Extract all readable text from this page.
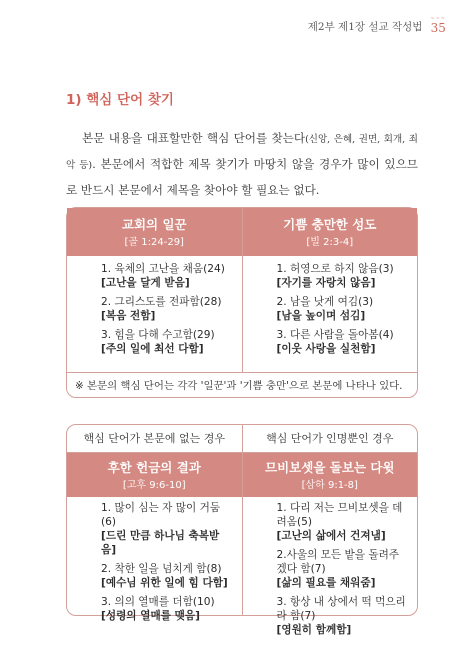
제2부 제1장 설교 작성법
~~~
35
1) 핵심 단어 찾기

본문 내용을 대표할만한 핵심 단어를 찾는다(신앙, 은혜, 권면, 회개, 죄악 등). 본문에서 적합한 제목 찾기가 마땅치 않을 경우가 많이 있으므로 반드시 본문에서 제목을 찾아야 할 필요는 없다.

교회의 일꾼
[골 1:24-29]
기쁨 충만한 성도
[빌 2:3-4]
1. 육체의 고난을 채움(24)
[고난을 달게 받음]
2. 그리스도를 전파함(28)
[복음 전함]
3. 힘을 다해 수고함(29)
[주의 일에 최선 다함]
1. 허영으로 하지 않음(3)
[자기를 자랑치 않음]
2. 남을 낫게 여김(3)
[남을 높이며 섬김]
3. 다른 사람을 돌아봄(4)
[이웃 사랑을 실천함]
※ 본문의 핵심 단어는 각각 '일꾼'과 '기쁨 충만'으로 본문에 나타나 있다.
핵심 단어가 본문에 없는 경우	핵심 단어가 인명뿐인 경우
후한 헌금의 결과
[고후 9:6-10]
므비보셋을 돌보는 다윗
[삼하 9:1-8]
1. 많이 심는 자 많이 거둠(6)
[드린 만큼 하나님 축복받음]
2. 착한 일을 넘치게 함(8)
[예수님 위한 일에 힘 다함]
3. 의의 열매를 더함(10)
[성령의 열매를 맺음]
1. 다리 저는 므비보셋을 데려옴(5)
[고난의 삶에서 건져냄]
2.사울의 모든 밭을 돌려주겠다 함(7)
[삶의 필요를 채워줌]
3. 항상 내 상에서 떡 먹으리라 함(7)
[영원히 함께함]
